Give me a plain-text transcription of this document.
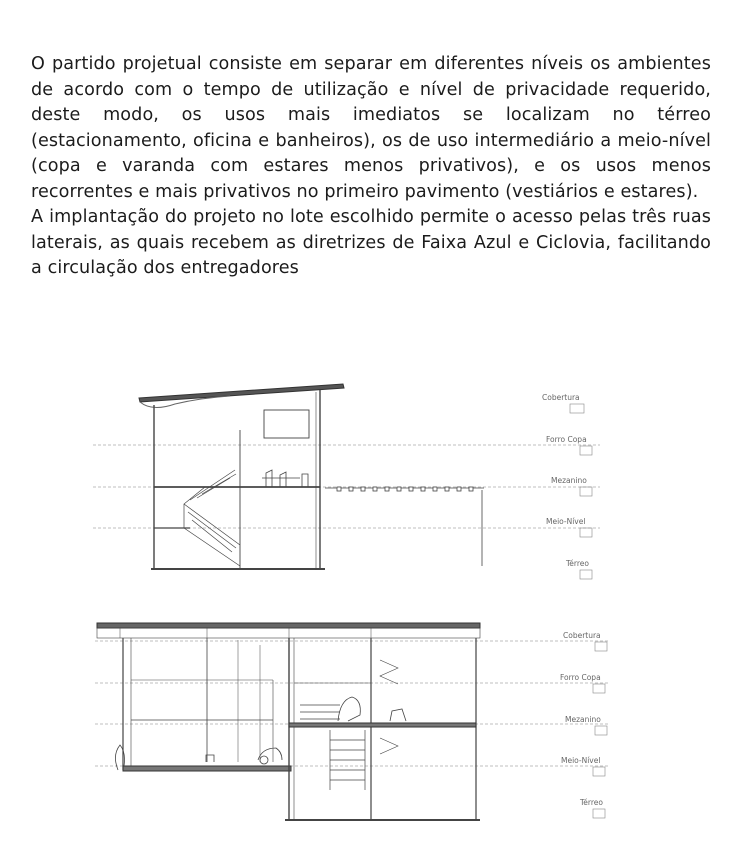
O partido projetual consiste em separar em diferentes níveis os ambientes de acordo com o tempo de utilização e nível de privacidade requerido, deste modo, os usos mais imediatos se localizam no térreo (estacionamento, oficina e banheiros), os de uso intermediário a meio-nível (copa e varanda com estares menos privativos), e os usos menos recorrentes e mais privativos no primeiro pavimento (vestiários e estares).

A implantação do projeto no lote escolhido permite o acesso pelas três ruas laterais, as quais recebem as diretrizes de Faixa Azul e Ciclovia, facilitando a circulação dos entregadores

Cobertura
Forro Copa
Mezanino
Meio-Nível
Térreo
Cobertura
Forro Copa
Mezanino
Meio-Nível
Térreo
